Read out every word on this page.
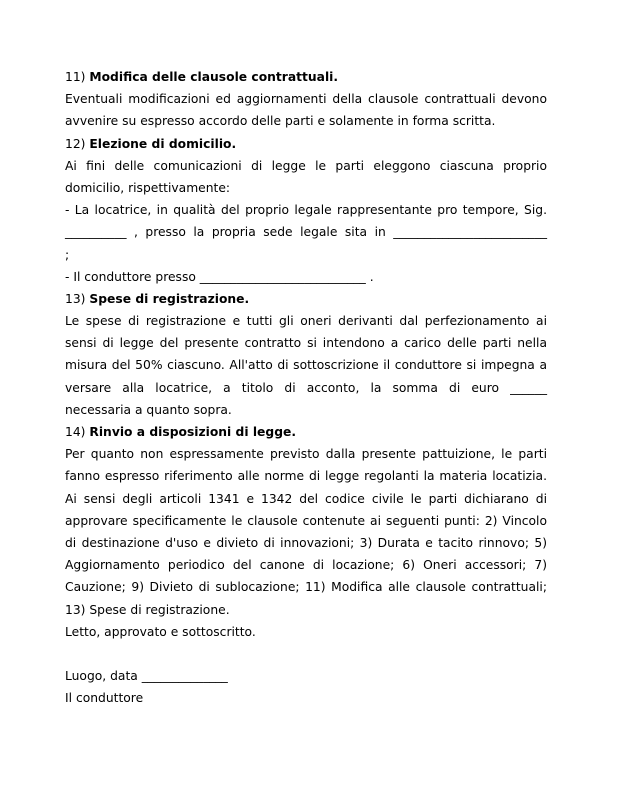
11) Modifica delle clausole contrattuali.
Eventuali modificazioni ed aggiornamenti della clausole contrattuali devono
avvenire su espresso accordo delle parti e solamente in forma scritta.
12) Elezione di domicilio.
Ai fini delle comunicazioni di legge le parti eleggono ciascuna proprio
domicilio, rispettivamente:
- La locatrice, in qualità del proprio legale rappresentante pro tempore, Sig.
__________ , presso la propria sede legale sita in _________________________
;
- Il conduttore presso ___________________________ .
13) Spese di registrazione.
Le spese di registrazione e tutti gli oneri derivanti dal perfezionamento ai
sensi di legge del presente contratto si intendono a carico delle parti nella
misura del 50% ciascuno. All'atto di sottoscrizione il conduttore si impegna a
versare alla locatrice, a titolo di acconto, la somma di euro ______
necessaria a quanto sopra.
14) Rinvio a disposizioni di legge.
Per quanto non espressamente previsto dalla presente pattuizione, le parti
fanno espresso riferimento alle norme di legge regolanti la materia locatizia.
Ai sensi degli articoli 1341 e 1342 del codice civile le parti dichiarano di
approvare specificamente le clausole contenute ai seguenti punti: 2) Vincolo
di destinazione d'uso e divieto di innovazioni; 3) Durata e tacito rinnovo; 5)
Aggiornamento periodico del canone di locazione; 6) Oneri accessori; 7)
Cauzione; 9) Divieto di sublocazione; 11) Modifica alle clausole contrattuali;
13) Spese di registrazione.
Letto, approvato e sottoscritto.
Luogo, data ______________
Il conduttore
